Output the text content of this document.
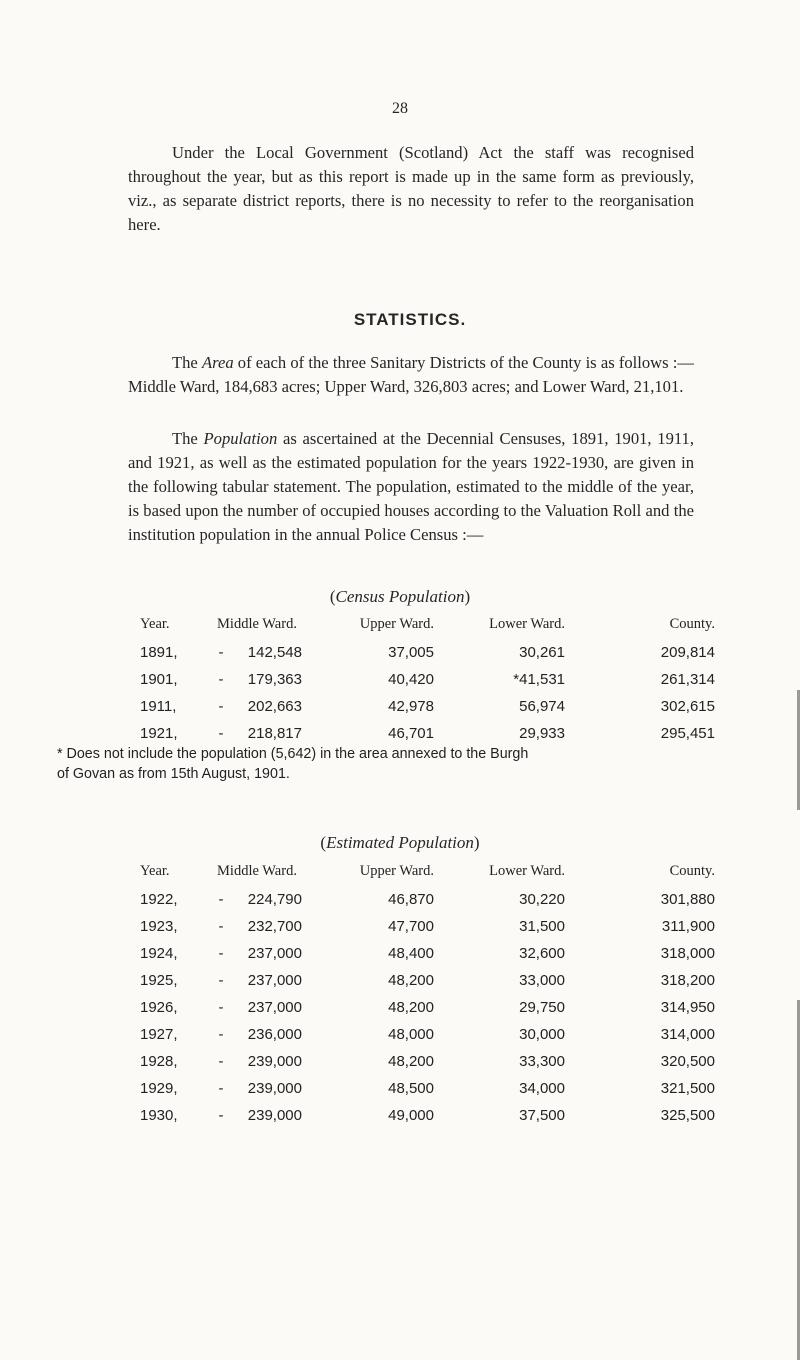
28

Under the Local Government (Scotland) Act the staff was recognised throughout the year, but as this report is made up in the same form as previously, viz., as separate district reports, there is no necessity to refer to the reorganisation here.

STATISTICS.

The Area of each of the three Sanitary Districts of the County is as follows :—Middle Ward, 184,683 acres; Upper Ward, 326,803 acres; and Lower Ward, 21,101.

The Population as ascertained at the Decennial Censuses, 1891, 1901, 1911, and 1921, as well as the estimated population for the years 1922-1930, are given in the following tabular statement. The population, estimated to the middle of the year, is based upon the number of occupied houses according to the Valuation Roll and the institution population in the annual Police Census :—

(Census Population)
Year.	Middle Ward.		Upper Ward.	Lower Ward.	County.
1891,	-	142,548	37,005	30,261	209,814
1901,	-	179,363	40,420	*41,531	261,314
1911,	-	202,663	42,978	56,974	302,615
1921,	-	218,817	46,701	29,933	295,451

* Does not include the population (5,642) in the area annexed to the Burgh
of Govan as from 15th August, 1901.

(Estimated Population)
Year.	Middle Ward.		Upper Ward.	Lower Ward.	County.
1922,	-	224,790	46,870	30,220	301,880
1923,	-	232,700	47,700	31,500	311,900
1924,	-	237,000	48,400	32,600	318,000
1925,	-	237,000	48,200	33,000	318,200
1926,	-	237,000	48,200	29,750	314,950
1927,	-	236,000	48,000	30,000	314,000
1928,	-	239,000	48,200	33,300	320,500
1929,	-	239,000	48,500	34,000	321,500
1930,	-	239,000	49,000	37,500	325,500
